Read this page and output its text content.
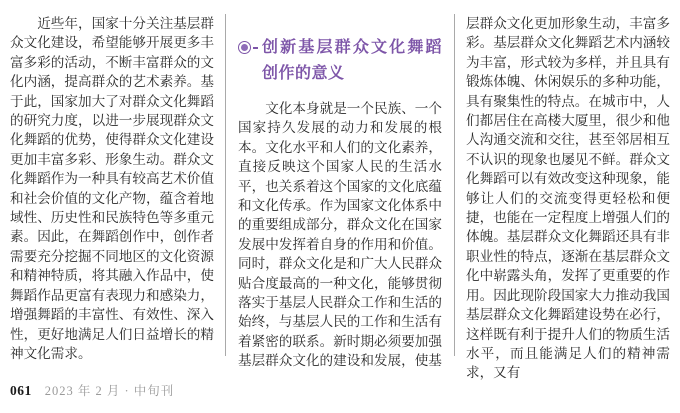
近些年，国家十分关注基层群众文化建设，希望能够开展更多丰富多彩的活动，不断丰富群众的文化内涵，提高群众的艺术素养。基于此，国家加大了对群众文化舞蹈的研究力度，以进一步展现群众文化舞蹈的优势，使得群众文化建设更加丰富多彩、形象生动。群众文化舞蹈作为一种具有较高艺术价值和社会价值的文化产物，蕴含着地域性、历史性和民族特色等多重元素。因此，在舞蹈创作中，创作者需要充分挖掘不同地区的文化资源和精神特质，将其融入作品中，使舞蹈作品更富有表现力和感染力，增强舞蹈的丰富性、有效性、深入性，更好地满足人们日益增长的精神文化需求。

创新基层群众文化舞蹈创作的意义

文化本身就是一个民族、一个国家持久发展的动力和发展的根本。文化水平和人们的文化素养，直接反映这个国家人民的生活水平，也关系着这个国家的文化底蕴和文化传承。作为国家文化体系中的重要组成部分，群众文化在国家发展中发挥着自身的作用和价值。同时，群众文化是和广大人民群众贴合度最高的一种文化，能够贯彻落实于基层人民群众工作和生活的始终，与基层人民的工作和生活有着紧密的联系。新时期必须要加强基层群众文化的建设和发展，使基

层群众文化更加形象生动，丰富多彩。基层群众文化舞蹈艺术内涵较为丰富，形式较为多样，并且具有锻炼体魄、休闲娱乐的多种功能，具有聚集性的特点。在城市中，人们都居住在高楼大厦里，很少和他人沟通交流和交往，甚至邻居相互不认识的现象也屡见不鲜。群众文化舞蹈可以有效改变这种现象，能够让人们的交流变得更轻松和便捷，也能在一定程度上增强人们的体魄。基层群众文化舞蹈还具有非职业性的特点，逐渐在基层群众文化中崭露头角，发挥了更重要的作用。因此现阶段国家大力推动我国基层群众文化舞蹈建设势在必行，这样既有利于提升人们的物质生活水平，而且能满足人们的精神需求，又有

061 2023 年 2 月 · 中旬刊
